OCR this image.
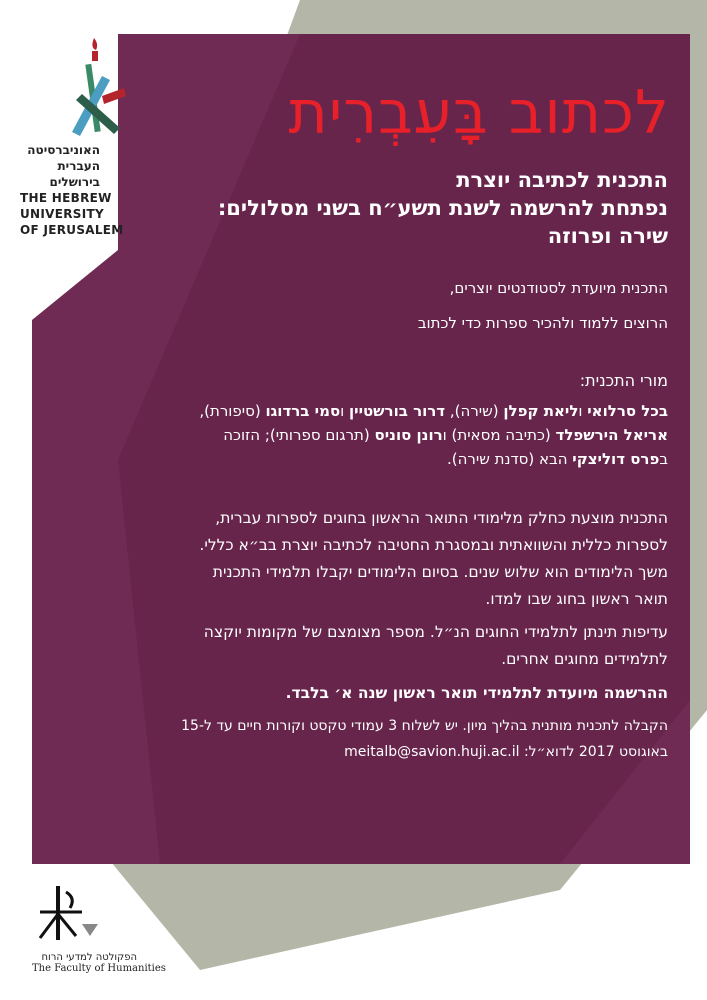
האוניברסיטה
העברית
בירושלים
THE HEBREW
UNIVERSITY
OF JERUSALEM
לכתוב בָּעִבְרִית
התכנית לכתיבה יוצרת
נפתחת להרשמה לשנת תשע״ח בשני מסלולים:
שירה ופרוזה
התכנית מיועדת לסטודנטים יוצרים,
הרוצים ללמוד ולהכיר ספרות כדי לכתוב
מורי התכנית:
בכל סרלואי וליאת קפלן (שירה), דרור בורשטיין וסמי ברדוגו (סיפורת),
אריאל הירשפלד (כתיבה מסאית) ורונן סוניס (תרגום ספרותי); הזוכה
בפרס דוליצקי הבא (סדנת שירה).
התכנית מוצעת כחלק מלימודי התואר הראשון בחוגים לספרות עברית,
לספרות כללית והשוואתית ובמסגרת החטיבה לכתיבה יוצרת בב״א כללי.
משך הלימודים הוא שלוש שנים. בסיום הלימודים יקבלו תלמידי התכנית
תואר ראשון בחוג שבו למדו.
עדיפות תינתן לתלמידי החוגים הנ״ל. מספר מצומצם של מקומות יוקצה
לתלמידים מחוגים אחרים.
ההרשמה מיועדת לתלמידי תואר ראשון שנה א׳ בלבד.
הקבלה לתכנית מותנית בהליך מיון. יש לשלוח 3 עמודי טקסט וקורות חיים עד ל-15
באוגוסט 2017 לדוא״ל: meitalb@savion.huji.ac.il
הפקולטה למדעי הרוח
The Faculty of Humanities
